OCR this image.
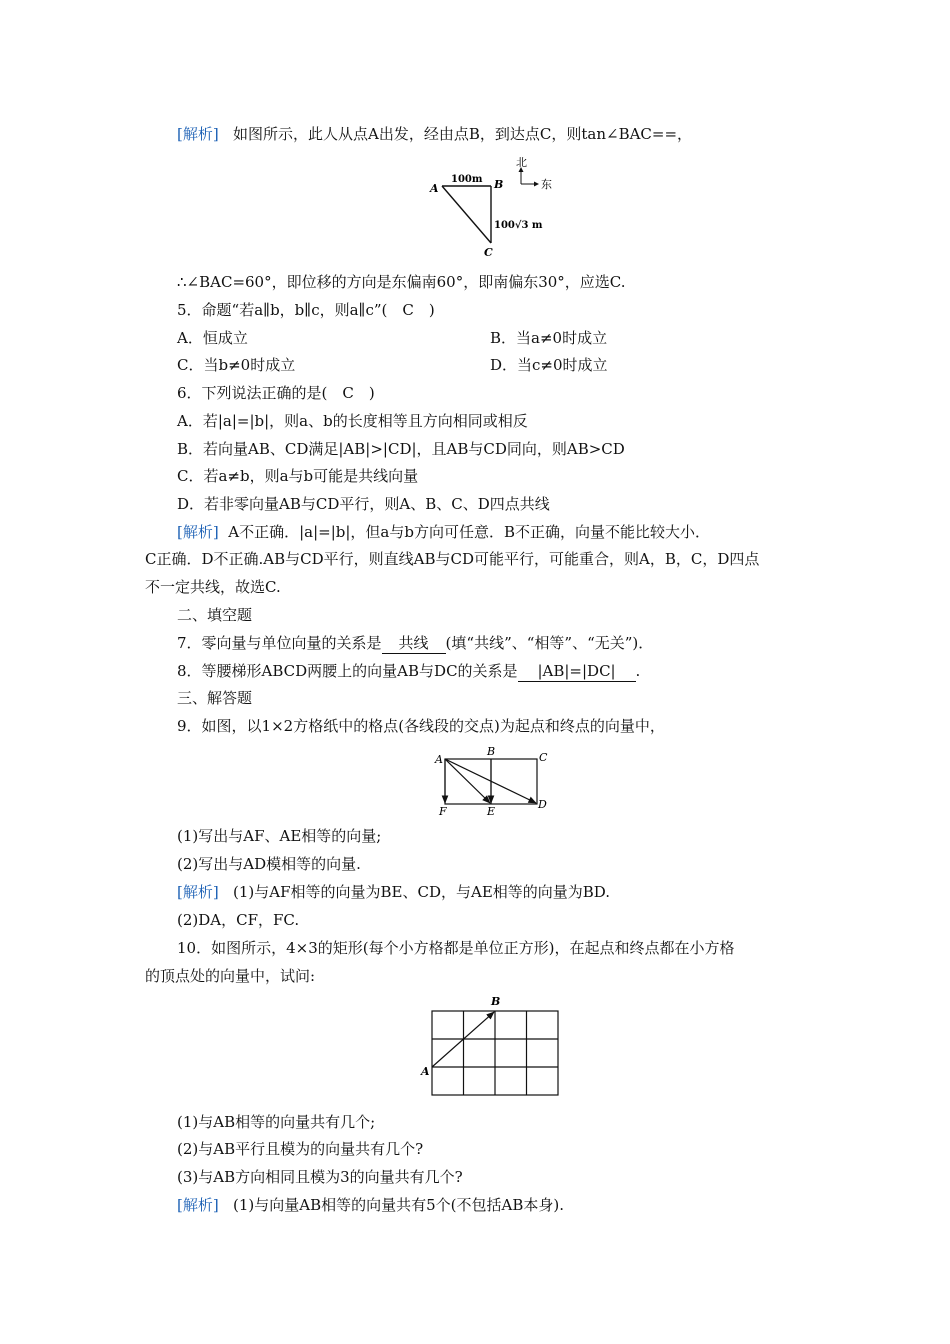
[解析] 如图所示，此人从点A出发，经由点B，到达点C，则tan∠BAC==，
A	B
C
100m
100√3 m
北
东
∴∠BAC=60°，即位移的方向是东偏南60°，即南偏东30°，应选C.
5．命题“若a∥b，b∥c，则a∥c”(　C　)
A．恒成立	B．当a≠0时成立
C．当b≠0时成立	D．当c≠0时成立
6．下列说法正确的是(　C　)
A．若|a|=|b|，则a、b的长度相等且方向相同或相反
B．若向量AB、CD满足|AB|>|CD|，且AB与CD同向，则AB>CD
C．若a≠b，则a与b可能是共线向量
D．若非零向量AB与CD平行，则A、B、C、D四点共线
[解析] A不正确．|a|=|b|，但a与b方向可任意．B不正确，向量不能比较大小．
C正确．D不正确.AB与CD平行，则直线AB与CD可能平行，可能重合，则A，B，C，D四点
不一定共线，故选C.
二、填空题
7．零向量与单位向量的关系是 共线 (填“共线”、“相等”、“无关”)．
8．等腰梯形ABCD两腰上的向量AB与DC的关系是 |AB|=|DC| .
三、解答题
9．如图，以1×2方格纸中的格点(各线段的交点)为起点和终点的向量中，
A
B	C
D
E
F
(1)写出与AF、AE相等的向量;
(2)写出与AD模相等的向量.
[解析] (1)与AF相等的向量为BE、CD，与AE相等的向量为BD.
(2)DA，CF，FC.
10．如图所示，4×3的矩形(每个小方格都是单位正方形)，在起点和终点都在小方格
的顶点处的向量中，试问:
A
B
(1)与AB相等的向量共有几个;
(2)与AB平行且模为的向量共有几个?
(3)与AB方向相同且模为3的向量共有几个?
[解析] (1)与向量AB相等的向量共有5个(不包括AB本身).
